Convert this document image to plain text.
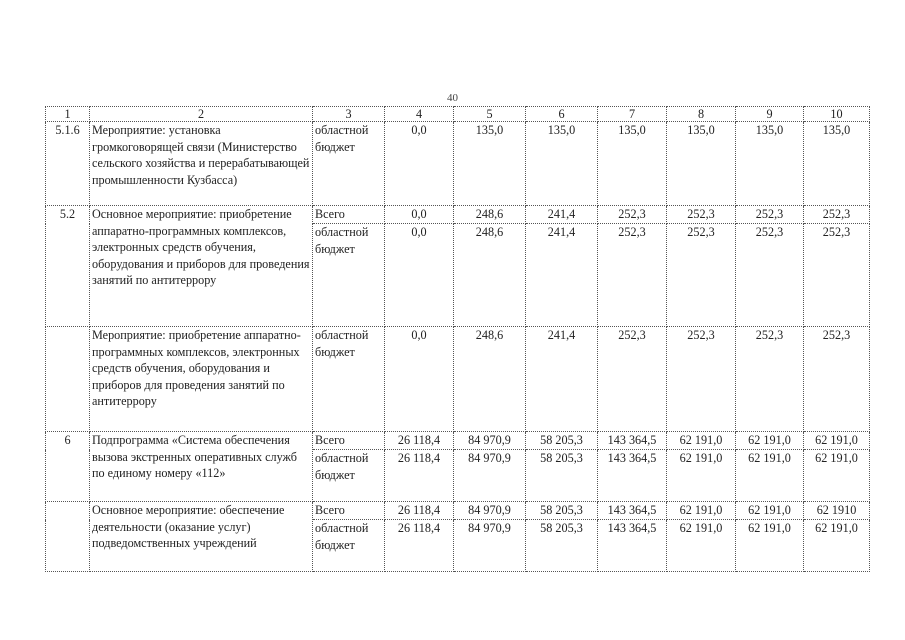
40
1	2	3	4	5	6	7	8	9	10
5.1.6	Мероприятие: установка громкоговорящей связи (Министерство сельского хозяйства и перерабатывающей промышленности Кузбасса)	областной бюджет	0,0	135,0	135,0	135,0	135,0	135,0	135,0
5.2	Основное мероприятие: приобретение аппаратно-программных комплексов, электронных средств обучения, оборудования и приборов для проведения занятий по антитеррору	Всего	0,0	248,6	241,4	252,3	252,3	252,3	252,3
		областной бюджет	0,0	248,6	241,4	252,3	252,3	252,3	252,3
	Мероприятие: приобретение аппаратно-программных комплексов, электронных средств обучения, оборудования и приборов для проведения занятий по антитеррору	областной бюджет	0,0	248,6	241,4	252,3	252,3	252,3	252,3
6	Подпрограмма «Система обеспечения вызова экстренных оперативных служб по единому номеру «112»	Всего	26 118,4	84 970,9	58 205,3	143 364,5	62 191,0	62 191,0	62 191,0
		областной бюджет	26 118,4	84 970,9	58 205,3	143 364,5	62 191,0	62 191,0	62 191,0
	Основное мероприятие: обеспечение деятельности (оказание услуг) подведомственных учреждений	Всего	26 118,4	84 970,9	58 205,3	143 364,5	62 191,0	62 191,0	62 1910
		областной бюджет	26 118,4	84 970,9	58 205,3	143 364,5	62 191,0	62 191,0	62 191,0
